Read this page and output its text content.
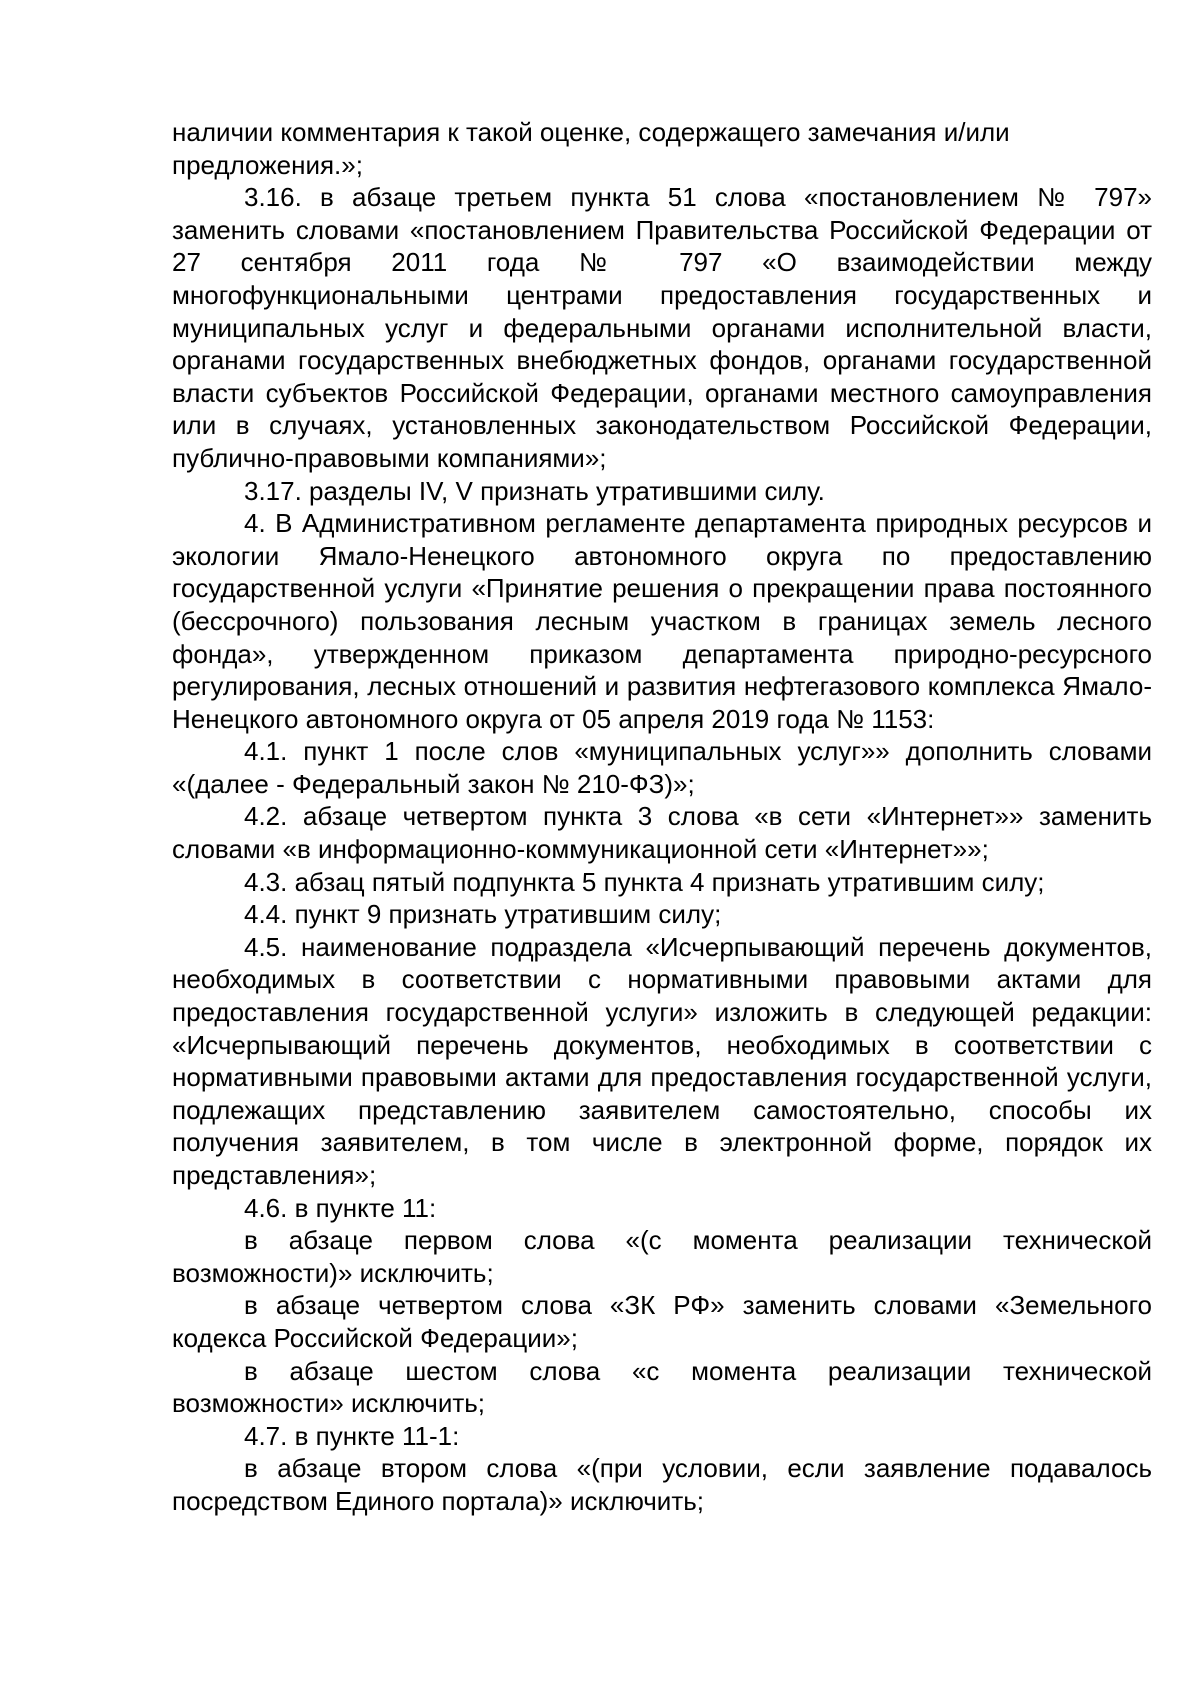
наличии комментария к такой оценке, содержащего замечания и/или предложения.»;

3.16. в абзаце третьем пункта 51 слова «постановлением № 797» заменить словами «постановлением Правительства Российской Федерации от 27 сентября 2011 года № 797 «О взаимодействии между многофункциональными центрами предоставления государственных и муниципальных услуг и федеральными органами исполнительной власти, органами государственных внебюджетных фондов, органами государственной власти субъектов Российской Федерации, органами местного самоуправления или в случаях, установленных законодательством Российской Федерации, публично-правовыми компаниями»;

3.17. разделы IV, V признать утратившими силу.

4. В Административном регламенте департамента природных ресурсов и экологии Ямало-Ненецкого автономного округа по предоставлению государственной услуги «Принятие решения о прекращении права постоянного (бессрочного) пользования лесным участком в границах земель лесного фонда», утвержденном приказом департамента природно-ресурсного регулирования, лесных отношений и развития нефтегазового комплекса Ямало-Ненецкого автономного округа от 05 апреля 2019 года № 1153:

4.1. пункт 1 после слов «муниципальных услуг»» дополнить словами «(далее - Федеральный закон № 210-ФЗ)»;

4.2. абзаце четвертом пункта 3 слова «в сети «Интернет»» заменить словами «в информационно-коммуникационной сети «Интернет»»;

4.3. абзац пятый подпункта 5 пункта 4 признать утратившим силу;

4.4. пункт 9 признать утратившим силу;

4.5. наименование подраздела «Исчерпывающий перечень документов, необходимых в соответствии с нормативными правовыми актами для предоставления государственной услуги» изложить в следующей редакции: «Исчерпывающий перечень документов, необходимых в соответствии с нормативными правовыми актами для предоставления государственной услуги, подлежащих представлению заявителем самостоятельно, способы их получения заявителем, в том числе в электронной форме, порядок их представления»;

4.6. в пункте 11:

в абзаце первом слова «(с момента реализации технической возможности)» исключить;

в абзаце четвертом слова «ЗК РФ» заменить словами «Земельного кодекса Российской Федерации»;

в абзаце шестом слова «с момента реализации технической возможности» исключить;

4.7. в пункте 11-1:

в абзаце втором слова «(при условии, если заявление подавалось посредством Единого портала)» исключить;
